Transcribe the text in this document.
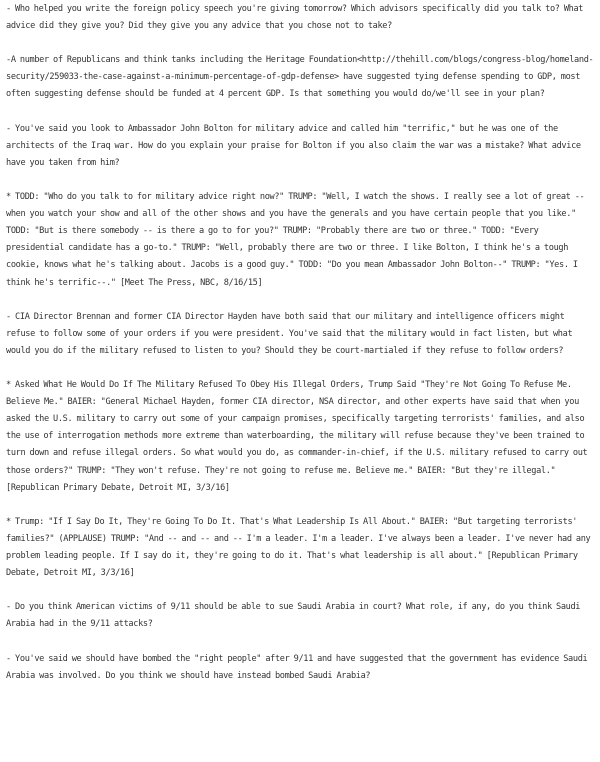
- Who helped you write the foreign policy speech you're giving tomorrow? Which advisors specifically did you talk to? What advice did they give you? Did they give you any advice that you chose not to take?

-A number of Republicans and think tanks including the Heritage Foundation<http://thehill.com/blogs/congress-blog/homeland-security/259033-the-case-against-a-minimum-percentage-of-gdp-defense> have suggested tying defense spending to GDP, most often suggesting defense should be funded at 4 percent GDP. Is that something you would do/we'll see in your plan?

- You've said you look to Ambassador John Bolton for military advice and called him "terrific," but he was one of the architects of the Iraq war. How do you explain your praise for Bolton if you also claim the war was a mistake? What advice have you taken from him?

* TODD: "Who do you talk to for military advice right now?" TRUMP: "Well, I watch the shows. I really see a lot of great -- when you watch your show and all of the other shows and you have the generals and you have certain people that you like." TODD: "But is there somebody -- is there a go to for you?" TRUMP: "Probably there are two or three." TODD: "Every presidential candidate has a go-to." TRUMP: "Well, probably there are two or three. I like Bolton, I think he's a tough cookie, knows what he's talking about. Jacobs is a good guy." TODD: "Do you mean Ambassador John Bolton--" TRUMP: "Yes. I think he's terrific--." [Meet The Press, NBC, 8/16/15]

- CIA Director Brennan and former CIA Director Hayden have both said that our military and intelligence officers might refuse to follow some of your orders if you were president. You've said that the military would in fact listen, but what would you do if the military refused to listen to you? Should they be court-martialed if they refuse to follow orders?

* Asked What He Would Do If The Military Refused To Obey His Illegal Orders, Trump Said "They're Not Going To Refuse Me. Believe Me." BAIER: "General Michael Hayden, former CIA director, NSA director, and other experts have said that when you asked the U.S. military to carry out some of your campaign promises, specifically targeting terrorists' families, and also the use of interrogation methods more extreme than waterboarding, the military will refuse because they've been trained to turn down and refuse illegal orders. So what would you do, as commander-in-chief, if the U.S. military refused to carry out those orders?" TRUMP: "They won't refuse. They're not going to refuse me. Believe me." BAIER: "But they're illegal." [Republican Primary Debate, Detroit MI, 3/3/16]

* Trump: "If I Say Do It, They're Going To Do It. That's What Leadership Is All About." BAIER: "But targeting terrorists' families?" (APPLAUSE) TRUMP: "And -- and -- and -- I'm a leader. I'm a leader. I've always been a leader. I've never had any problem leading people. If I say do it, they're going to do it. That's what leadership is all about." [Republican Primary Debate, Detroit MI, 3/3/16]

- Do you think American victims of 9/11 should be able to sue Saudi Arabia in court? What role, if any, do you think Saudi Arabia had in the 9/11 attacks?

- You've said we should have bombed the "right people" after 9/11 and have suggested that the government has evidence Saudi Arabia was involved. Do you think we should have instead bombed Saudi Arabia?
